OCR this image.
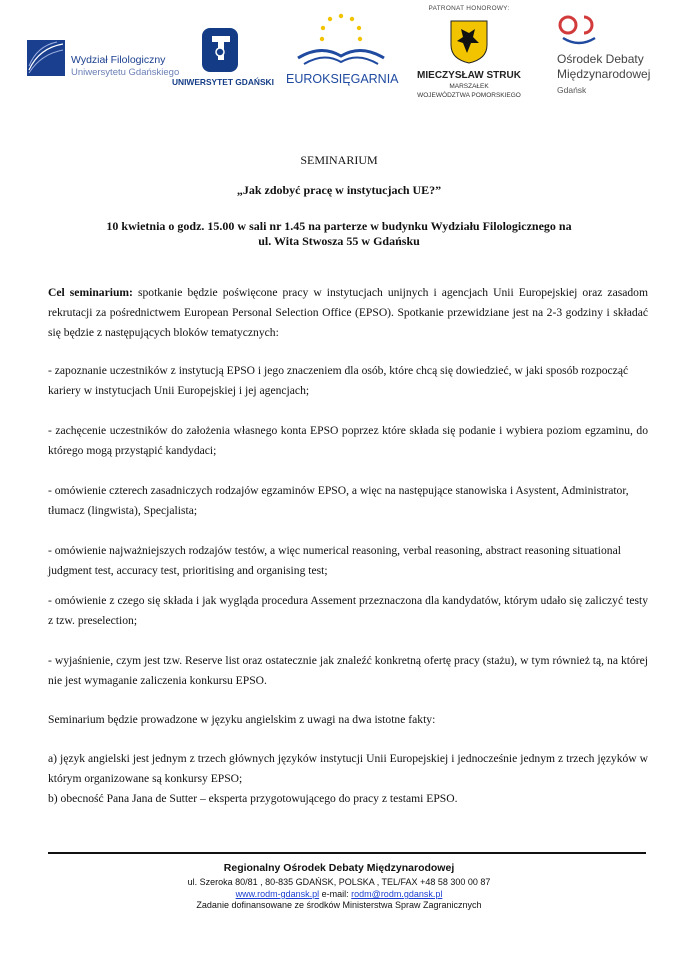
Wydział Filologiczny
Uniwersytetu Gdańskiego
UNIWERSYTET GDAŃSKI EUROKSIĘGARNIA
PATRONAT HONOROWY:
MIECZYSŁAW STRUK
MARSZAŁEK
WOJEWÓDZTWA POMORSKIEGO
Ośrodek Debaty
Międzynarodowej
Gdańsk
SEMINARIUM
„Jak zdobyć pracę w instytucjach UE?”
10 kwietnia o godz. 15.00 w sali nr 1.45 na parterze w budynku Wydziału Filologicznego na
ul. Wita Stwosza 55 w Gdańsku
Cel seminarium: spotkanie będzie poświęcone pracy w instytucjach unijnych i agencjach Unii Europejskiej oraz zasadom rekrutacji za pośrednictwem European Personal Selection Office (EPSO). Spotkanie przewidziane jest na 2-3 godziny i składać się będzie z następujących bloków tematycznych:
- zapoznanie uczestników z instytucją EPSO i jego znaczeniem dla osób, które chcą się dowiedzieć, w jaki sposób rozpocząć kariery w instytucjach Unii Europejskiej i jej agencjach;
- zachęcenie uczestników do założenia własnego konta EPSO poprzez które składa się podanie i wybiera poziom egzaminu, do którego mogą przystąpić kandydaci;
- omówienie czterech zasadniczych rodzajów egzaminów EPSO, a więc na następujące stanowiska i Asystent, Administrator, tłumacz (lingwista), Specjalista;
- omówienie najważniejszych rodzajów testów, a więc numerical reasoning, verbal reasoning, abstract reasoning situational judgment test, accuracy test, prioritising and organising test;
- omówienie z czego się składa i jak wygląda procedura Assement przeznaczona dla kandydatów, którym udało się zaliczyć testy z tzw. preselection;
- wyjaśnienie, czym jest tzw. Reserve list oraz ostatecznie jak znaleźć konkretną ofertę pracy (stażu), w tym również tą, na której nie jest wymaganie zaliczenia konkursu EPSO.
Seminarium będzie prowadzone w języku angielskim z uwagi na dwa istotne fakty:
a) język angielski jest jednym z trzech głównych języków instytucji Unii Europejskiej i jednocześnie jednym z trzech języków w którym organizowane są konkursy EPSO;
b) obecność Pana Jana de Sutter – eksperta przygotowującego do pracy z testami EPSO.
Regionalny Ośrodek Debaty Międzynarodowej
ul. Szeroka 80/81 , 80-835 GDAŃSK, POLSKA , TEL/FAX +48 58 300 00 87
www.rodm-gdansk.pl e-mail: rodm@rodm.gdansk.pl
Zadanie dofinansowane ze środków Ministerstwa Spraw Zagranicznych
